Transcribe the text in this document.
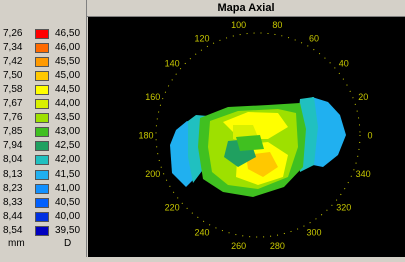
7,26	46,50
7,34	46,00
7,42	45,50
7,50	45,00
7,58	44,50
7,67	44,00
7,76	43,50
7,85	43,00
7,94	42,50
8,04	42,00
8,13	41,50
8,23	41,00
8,33	40,50
8,44	40,00
8,54	39,50
mm	D
Mapa Axial
0
20
40
60
80
100
120
140
160
180
200
220
240
260	280
300
320
340
